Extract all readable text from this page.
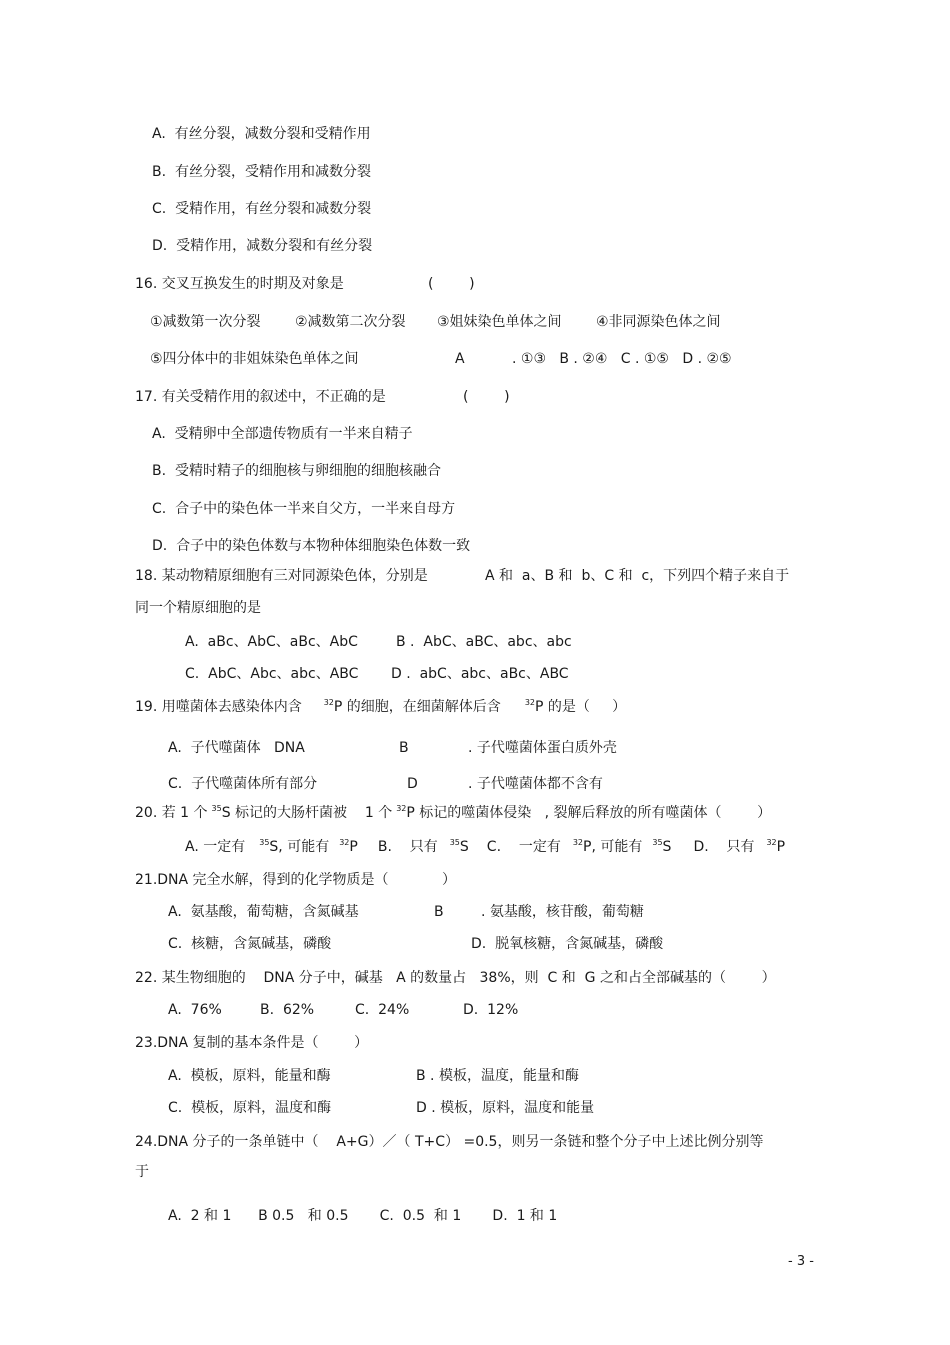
A.  有丝分裂，减数分裂和受精作用
B.  有丝分裂，受精作用和减数分裂
C.  受精作用，有丝分裂和减数分裂
D.  受精作用，减数分裂和有丝分裂
16. 交叉互换发生的时期及对象是	(        )
①减数第一次分裂 ②减数第二次分裂 ③姐妹染色单体之间 ④非同源染色体之间
⑤四分体中的非姐妹染色单体之间	A	. ①③   B . ②④   C . ①⑤   D . ②⑤
17. 有关受精作用的叙述中，不正确的是	(        )
A.  受精卵中全部遗传物质有一半来自精子
B.  受精时精子的细胞核与卵细胞的细胞核融合
C.  合子中的染色体一半来自父方，一半来自母方
D.  合子中的染色体数与本物种体细胞染色体数一致
18. 某动物精原细胞有三对同源染色体，分别是	A 和  a、B 和  b、C 和  c，下列四个精子来自于
同一个精原细胞的是
A.  aBc、AbC、aBc、AbC	B .  AbC、aBC、abc、abc
C.  AbC、Abc、abc、ABC D .  abC、abc、aBc、ABC
19. 用噬菌体去感染体内含	$^{32}$P 的细胞，在细菌解体后含	$^{32}$P 的是（     ）
A.  子代噬菌体   DNA	B	. 子代噬菌体蛋白质外壳
C.  子代噬菌体所有部分	D	. 子代噬菌体都不含有
20. 若 1 个 $^{35}$S 标记的大肠杆菌被    1 个 $^{32}$P 标记的噬菌体侵染   , 裂解后释放的所有噬菌体（        ）
A. 一定有 $^{35}$S, 可能有 $^{32}$P B.    只有 $^{35}$S C.    一定有 $^{32}$P, 可能有 $^{35}$S D.    只有 $^{32}$P
21.DNA 完全水解，得到的化学物质是（            ）
A.  氨基酸，葡萄糖，含氮碱基	B	. 氨基酸，核苷酸，葡萄糖
C.  核糖，含氮碱基，磷酸	D.  脱氧核糖，含氮碱基，磷酸
22. 某生物细胞的    DNA 分子中，碱基   A 的数量占   38%，则  C 和  G 之和占全部碱基的（        ）
A.  76%	B.  62%	C.  24%	D.  12%
23.DNA 复制的基本条件是（        ）
A.  模板，原料，能量和酶	B . 模板，温度，能量和酶
C.  模板，原料，温度和酶	D . 模板，原料，温度和能量
24.DNA 分子的一条单链中（    A+G）／（ T+C） =0.5，则另一条链和整个分子中上述比例分别等
于
A.  2 和 1      B 0.5   和 0.5       C.  0.5  和 1       D.  1 和 1
- 3 -
